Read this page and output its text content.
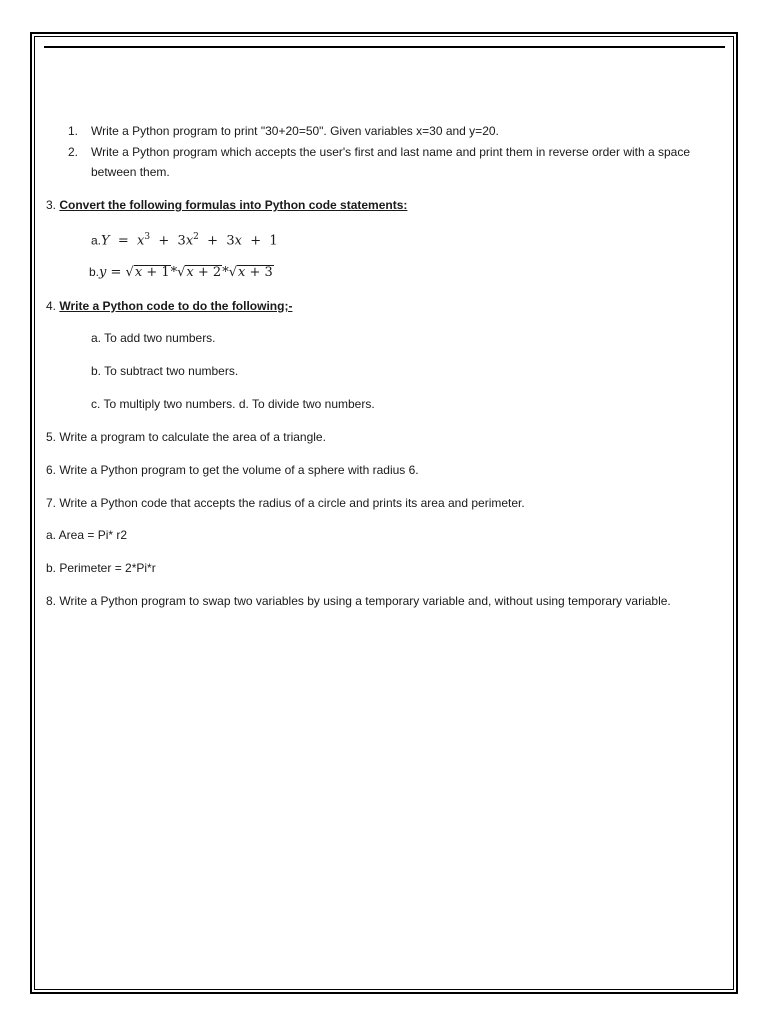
1. Write a Python program to print "30+20=50". Given variables x=30 and y=20.
2. Write a Python program which accepts the user's first and last name and print them in reverse order with a space
between them.
3. Convert the following formulas into Python code statements:
$a.Y = x^3 + 3x^2 + 3x + 1$
b.y = √x + 1*√x + 2*√x + 3
4. Write a Python code to do the following;-
a. To add two numbers.
b. To subtract two numbers.
c. To multiply two numbers. d. To divide two numbers.
5. Write a program to calculate the area of a triangle.
6. Write a Python program to get the volume of a sphere with radius 6.
7. Write a Python code that accepts the radius of a circle and prints its area and perimeter.
a. Area = Pi* r2
b. Perimeter = 2*Pi*r
8. Write a Python program to swap two variables by using a temporary variable and, without using temporary variable.
